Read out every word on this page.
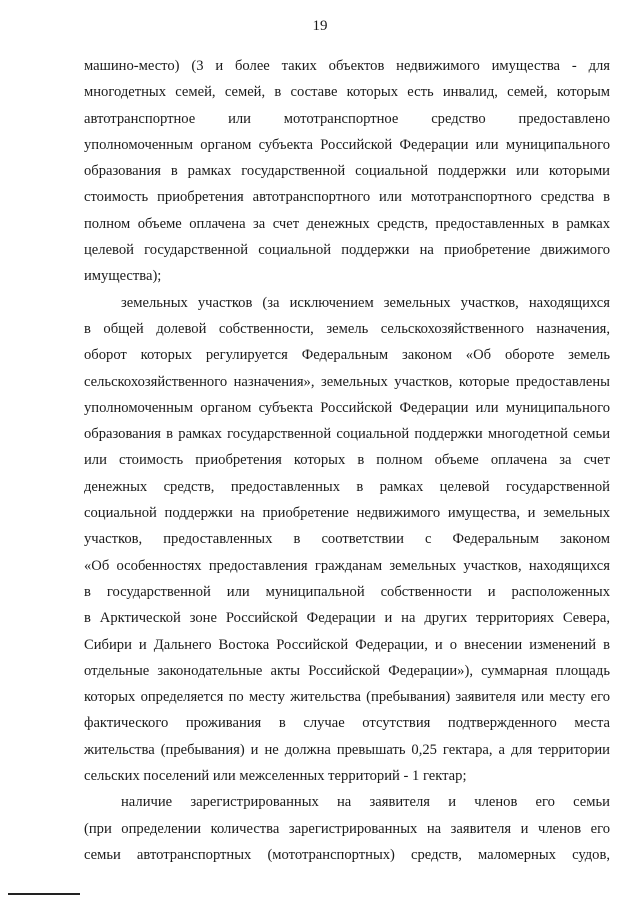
19
машино-место) (3 и более таких объектов недвижимого имущества - для
многодетных семей, семей, в составе которых есть инвалид, семей, которым
автотранспортное или мототранспортное средство предоставлено
уполномоченным органом субъекта Российской Федерации или муниципального
образования в рамках государственной социальной поддержки или которыми
стоимость приобретения автотранспортного или мототранспортного средства в
полном объеме оплачена за счет денежных средств, предоставленных в рамках
целевой государственной социальной поддержки на приобретение движимого
имущества);
земельных участков (за исключением земельных участков, находящихся
в общей долевой собственности, земель сельскохозяйственного назначения,
оборот которых регулируется Федеральным законом «Об обороте земель
сельскохозяйственного назначения», земельных участков, которые предоставлены
уполномоченным органом субъекта Российской Федерации или муниципального
образования в рамках государственной социальной поддержки многодетной семьи
или стоимость приобретения которых в полном объеме оплачена за счет
денежных средств, предоставленных в рамках целевой государственной
социальной поддержки на приобретение недвижимого имущества, и земельных
участков, предоставленных в соответствии с Федеральным законом
«Об особенностях предоставления гражданам земельных участков, находящихся
в государственной или муниципальной собственности и расположенных
в Арктической зоне Российской Федерации и на других территориях Севера,
Сибири и Дальнего Востока Российской Федерации, и о внесении изменений в
отдельные законодательные акты Российской Федерации»), суммарная площадь
которых определяется по месту жительства (пребывания) заявителя или месту его
фактического проживания в случае отсутствия подтвержденного места
жительства (пребывания) и не должна превышать 0,25 гектара, а для территории
сельских поселений или межселенных территорий - 1 гектар;
наличие зарегистрированных на заявителя и членов его семьи
(при определении количества зарегистрированных на заявителя и членов его
семьи автотранспортных (мототранспортных) средств, маломерных судов,
